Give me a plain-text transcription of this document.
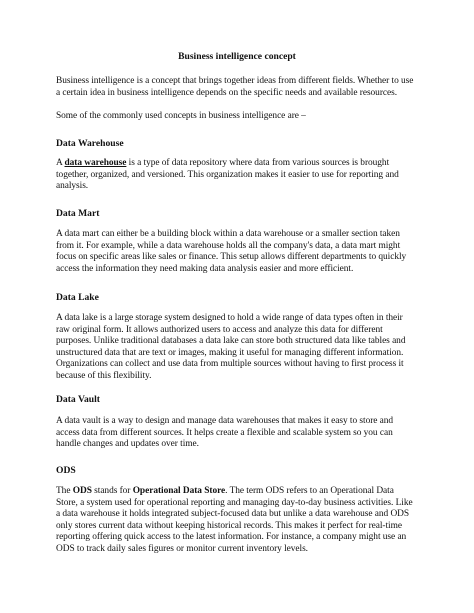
Business intelligence concept

Business intelligence is a concept that brings together ideas from different fields. Whether to use
a certain idea in business intelligence depends on the specific needs and available resources.

Some of the commonly used concepts in business intelligence are –

Data Warehouse

A data warehouse is a type of data repository where data from various sources is brought
together, organized, and versioned. This organization makes it easier to use for reporting and
analysis.

Data Mart

A data mart can either be a building block within a data warehouse or a smaller section taken
from it. For example, while a data warehouse holds all the company's data, a data mart might
focus on specific areas like sales or finance. This setup allows different departments to quickly
access the information they need making data analysis easier and more efficient.

Data Lake

A data lake is a large storage system designed to hold a wide range of data types often in their
raw original form. It allows authorized users to access and analyze this data for different
purposes. Unlike traditional databases a data lake can store both structured data like tables and
unstructured data that are text or images, making it useful for managing different information.
Organizations can collect and use data from multiple sources without having to first process it
because of this flexibility.

Data Vault

A data vault is a way to design and manage data warehouses that makes it easy to store and
access data from different sources. It helps create a flexible and scalable system so you can
handle changes and updates over time.

ODS

The ODS stands for Operational Data Store. The term ODS refers to an Operational Data
Store, a system used for operational reporting and managing day-to-day business activities. Like
a data warehouse it holds integrated subject-focused data but unlike a data warehouse and ODS
only stores current data without keeping historical records. This makes it perfect for real-time
reporting offering quick access to the latest information. For instance, a company might use an
ODS to track daily sales figures or monitor current inventory levels.
